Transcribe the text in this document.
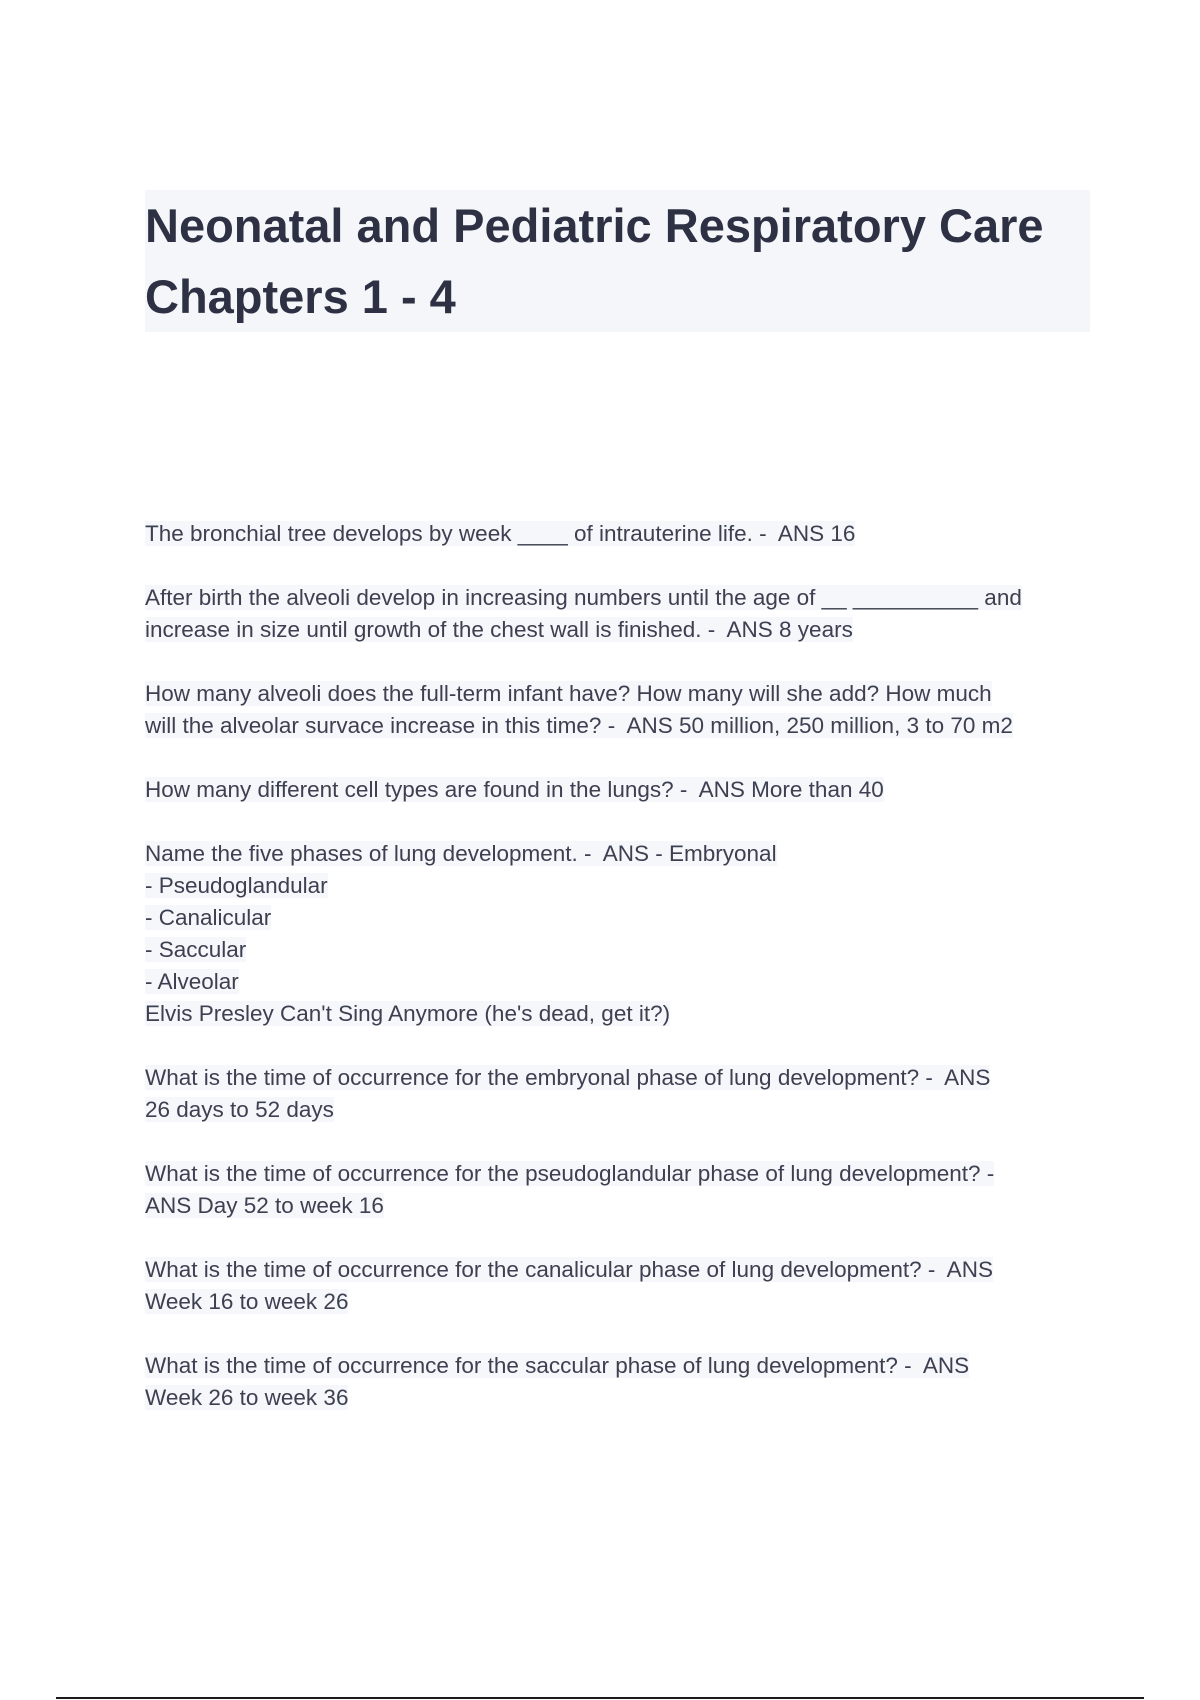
Neonatal and Pediatric Respiratory Care
Chapters 1 - 4

The bronchial tree develops by week ____ of intrauterine life. -  ANS 16

After birth the alveoli develop in increasing numbers until the age of __ __________ and
increase in size until growth of the chest wall is finished. -  ANS 8 years

How many alveoli does the full-term infant have? How many will she add? How much
will the alveolar survace increase in this time? -  ANS 50 million, 250 million, 3 to 70 m2

How many different cell types are found in the lungs? -  ANS More than 40

Name the five phases of lung development. -  ANS - Embryonal
- Pseudoglandular
- Canalicular
- Saccular
- Alveolar
Elvis Presley Can't Sing Anymore (he's dead, get it?)

What is the time of occurrence for the embryonal phase of lung development? -  ANS
26 days to 52 days

What is the time of occurrence for the pseudoglandular phase of lung development? -
ANS Day 52 to week 16

What is the time of occurrence for the canalicular phase of lung development? -  ANS
Week 16 to week 26

What is the time of occurrence for the saccular phase of lung development? -  ANS
Week 26 to week 36
